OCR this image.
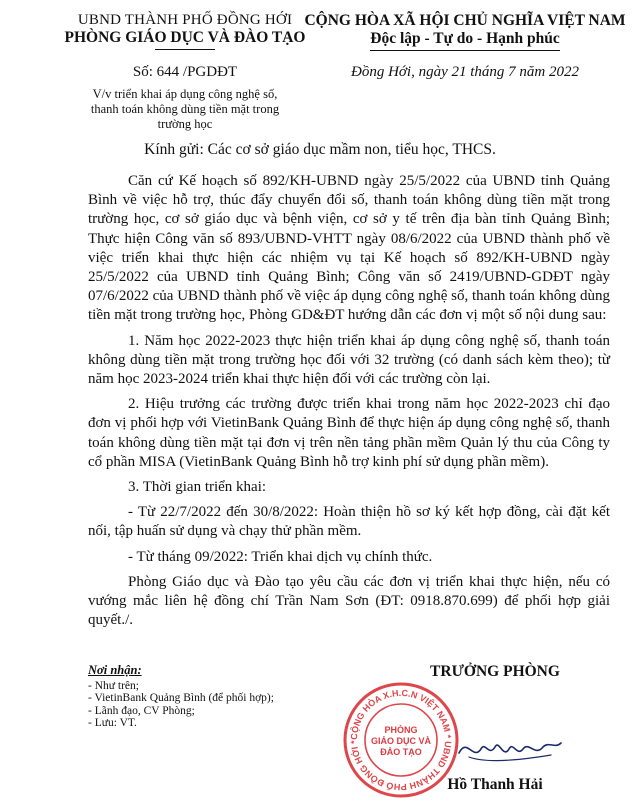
UBND THÀNH PHỐ ĐỒNG HỚI
PHÒNG GIÁO DỤC VÀ ĐÀO TẠO
CỘNG HÒA XÃ HỘI CHỦ NGHĨA VIỆT NAM
Độc lập - Tự do - Hạnh phúc
Số: 644 /PGDĐT	Đồng Hới, ngày 21 tháng 7 năm 2022
V/v triển khai áp dụng công nghệ số,
thanh toán không dùng tiền mặt trong
trường học
Kính gửi: Các cơ sở giáo dục mầm non, tiểu học, THCS.

Căn cứ Kế hoạch số 892/KH-UBND ngày 25/5/2022 của UBND tỉnh Quảng Bình về việc hỗ trợ, thúc đẩy chuyển đổi số, thanh toán không dùng tiền mặt trong trường học, cơ sở giáo dục và bệnh viện, cơ sở y tế trên địa bàn tỉnh Quảng Bình; Thực hiện Công văn số 893/UBND-VHTT ngày 08/6/2022 của UBND thành phố về việc triển khai thực hiện các nhiệm vụ tại Kế hoạch số 892/KH-UBND ngày 25/5/2022 của UBND tỉnh Quảng Bình; Công văn số 2419/UBND-GDĐT ngày 07/6/2022 của UBND thành phố về việc áp dụng công nghệ số, thanh toán không dùng tiền mặt trong trường học, Phòng GD&ĐT hướng dẫn các đơn vị một số nội dung sau:

1. Năm học 2022-2023 thực hiện triển khai áp dụng công nghệ số, thanh toán không dùng tiền mặt trong trường học đối với 32 trường (có danh sách kèm theo); từ năm học 2023-2024 triển khai thực hiện đối với các trường còn lại.

2. Hiệu trưởng các trường được triển khai trong năm học 2022-2023 chỉ đạo đơn vị phối hợp với VietinBank Quảng Bình để thực hiện áp dụng công nghệ số, thanh toán không dùng tiền mặt tại đơn vị trên nền tảng phần mềm Quản lý thu của Công ty cổ phần MISA (VietinBank Quảng Bình hỗ trợ kinh phí sử dụng phần mềm).

3. Thời gian triển khai:

- Từ 22/7/2022 đến 30/8/2022: Hoàn thiện hồ sơ ký kết hợp đồng, cài đặt kết nối, tập huấn sử dụng và chạy thử phần mềm.

- Từ tháng 09/2022: Triển khai dịch vụ chính thức.

Phòng Giáo dục và Đào tạo yêu cầu các đơn vị triển khai thực hiện, nếu có vướng mắc liên hệ đồng chí Trần Nam Sơn (ĐT: 0918.870.699) để phối hợp giải quyết./.

Nơi nhận:
- Như trên;
- VietinBank Quảng Bình (để phối hợp);
- Lãnh đạo, CV Phòng;
- Lưu: VT.
TRƯỞNG PHÒNG
CỘNG HÒA X.H.C.N VIỆT NAM * UBND THÀNH PHỐ ĐỒNG HỚI *
PHÒNG
GIÁO DỤC VÀ
ĐÀO TẠO
Hồ Thanh Hải
